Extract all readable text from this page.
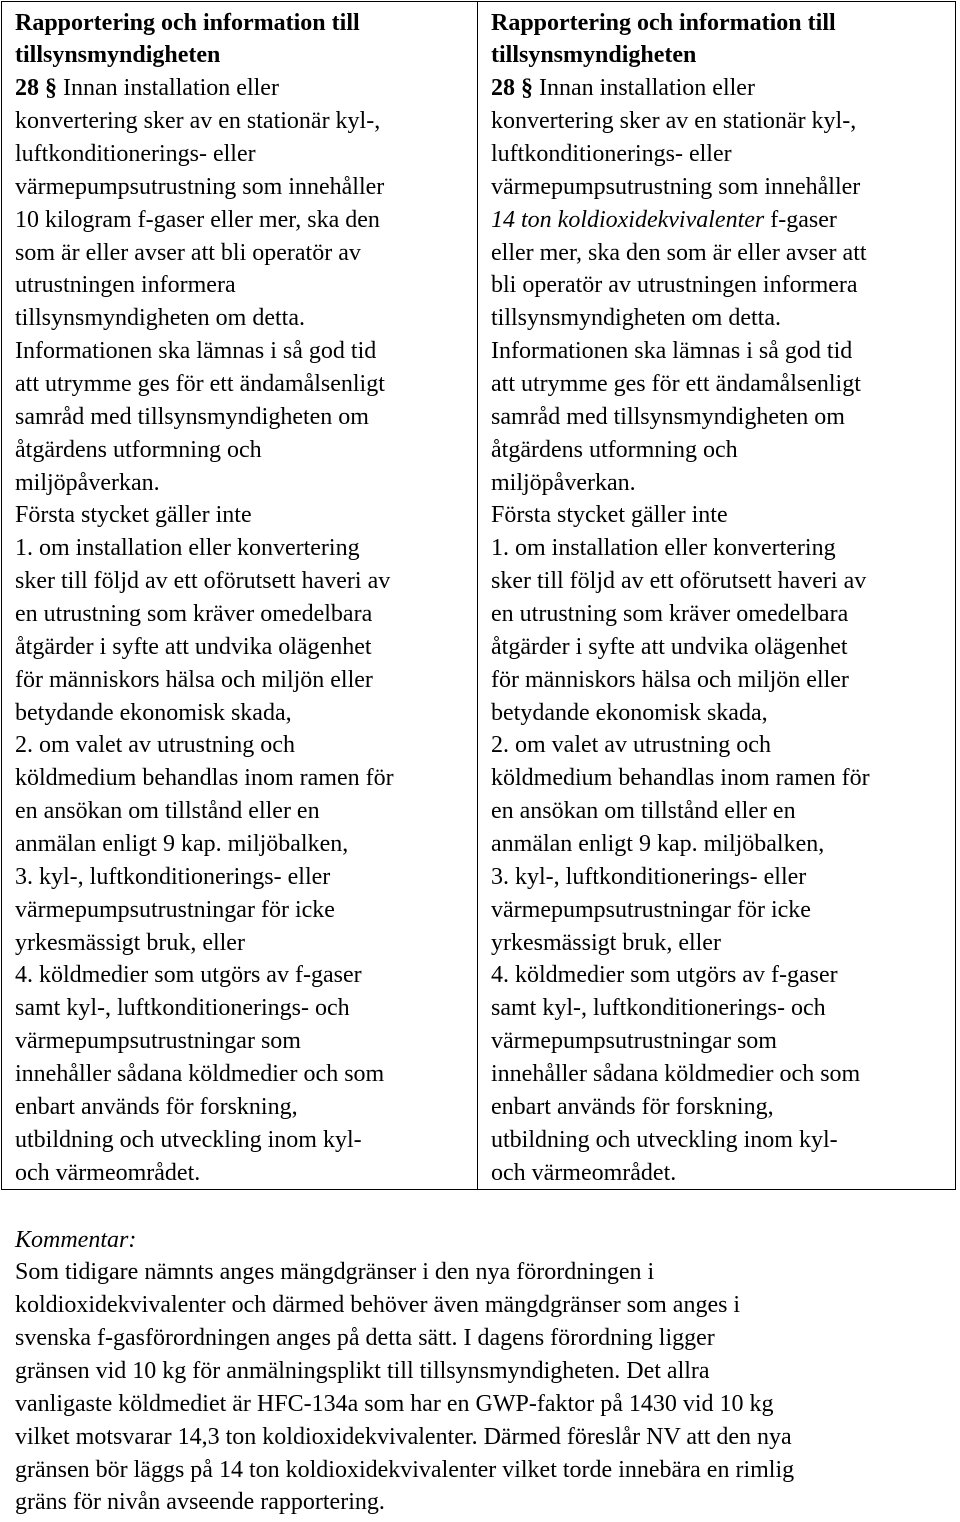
Rapportering och information till
tillsynsmyndigheten
28 § Innan installation eller
konvertering sker av en stationär kyl-,
luftkonditionerings- eller
värmepumpsutrustning som innehåller
10 kilogram f-gaser eller mer, ska den
som är eller avser att bli operatör av
utrustningen informera
tillsynsmyndigheten om detta.
Informationen ska lämnas i så god tid
att utrymme ges för ett ändamålsenligt
samråd med tillsynsmyndigheten om
åtgärdens utformning och
miljöpåverkan.
Första stycket gäller inte
1. om installation eller konvertering
sker till följd av ett oförutsett haveri av
en utrustning som kräver omedelbara
åtgärder i syfte att undvika olägenhet
för människors hälsa och miljön eller
betydande ekonomisk skada,
2. om valet av utrustning och
köldmedium behandlas inom ramen för
en ansökan om tillstånd eller en
anmälan enligt 9 kap. miljöbalken,
3. kyl-, luftkonditionerings- eller
värmepumpsutrustningar för icke
yrkesmässigt bruk, eller
4. köldmedier som utgörs av f-gaser
samt kyl-, luftkonditionerings- och
värmepumpsutrustningar som
innehåller sådana köldmedier och som
enbart används för forskning,
utbildning och utveckling inom kyl-
och värmeområdet.
Rapportering och information till
tillsynsmyndigheten
28 § Innan installation eller
konvertering sker av en stationär kyl-,
luftkonditionerings- eller
värmepumpsutrustning som innehåller
14 ton koldioxidekvivalenter f-gaser
eller mer, ska den som är eller avser att
bli operatör av utrustningen informera
tillsynsmyndigheten om detta.
Informationen ska lämnas i så god tid
att utrymme ges för ett ändamålsenligt
samråd med tillsynsmyndigheten om
åtgärdens utformning och
miljöpåverkan.
Första stycket gäller inte
1. om installation eller konvertering
sker till följd av ett oförutsett haveri av
en utrustning som kräver omedelbara
åtgärder i syfte att undvika olägenhet
för människors hälsa och miljön eller
betydande ekonomisk skada,
2. om valet av utrustning och
köldmedium behandlas inom ramen för
en ansökan om tillstånd eller en
anmälan enligt 9 kap. miljöbalken,
3. kyl-, luftkonditionerings- eller
värmepumpsutrustningar för icke
yrkesmässigt bruk, eller
4. köldmedier som utgörs av f-gaser
samt kyl-, luftkonditionerings- och
värmepumpsutrustningar som
innehåller sådana köldmedier och som
enbart används för forskning,
utbildning och utveckling inom kyl-
och värmeområdet.
Kommentar:
Som tidigare nämnts anges mängdgränser i den nya förordningen i
koldioxidekvivalenter och därmed behöver även mängdgränser som anges i
svenska f-gasförordningen anges på detta sätt. I dagens förordning ligger
gränsen vid 10 kg för anmälningsplikt till tillsynsmyndigheten. Det allra
vanligaste köldmediet är HFC-134a som har en GWP-faktor på 1430 vid 10 kg
vilket motsvarar 14,3 ton koldioxidekvivalenter. Därmed föreslår NV att den nya
gränsen bör läggs på 14 ton koldioxidekvivalenter vilket torde innebära en rimlig
gräns för nivån avseende rapportering.
